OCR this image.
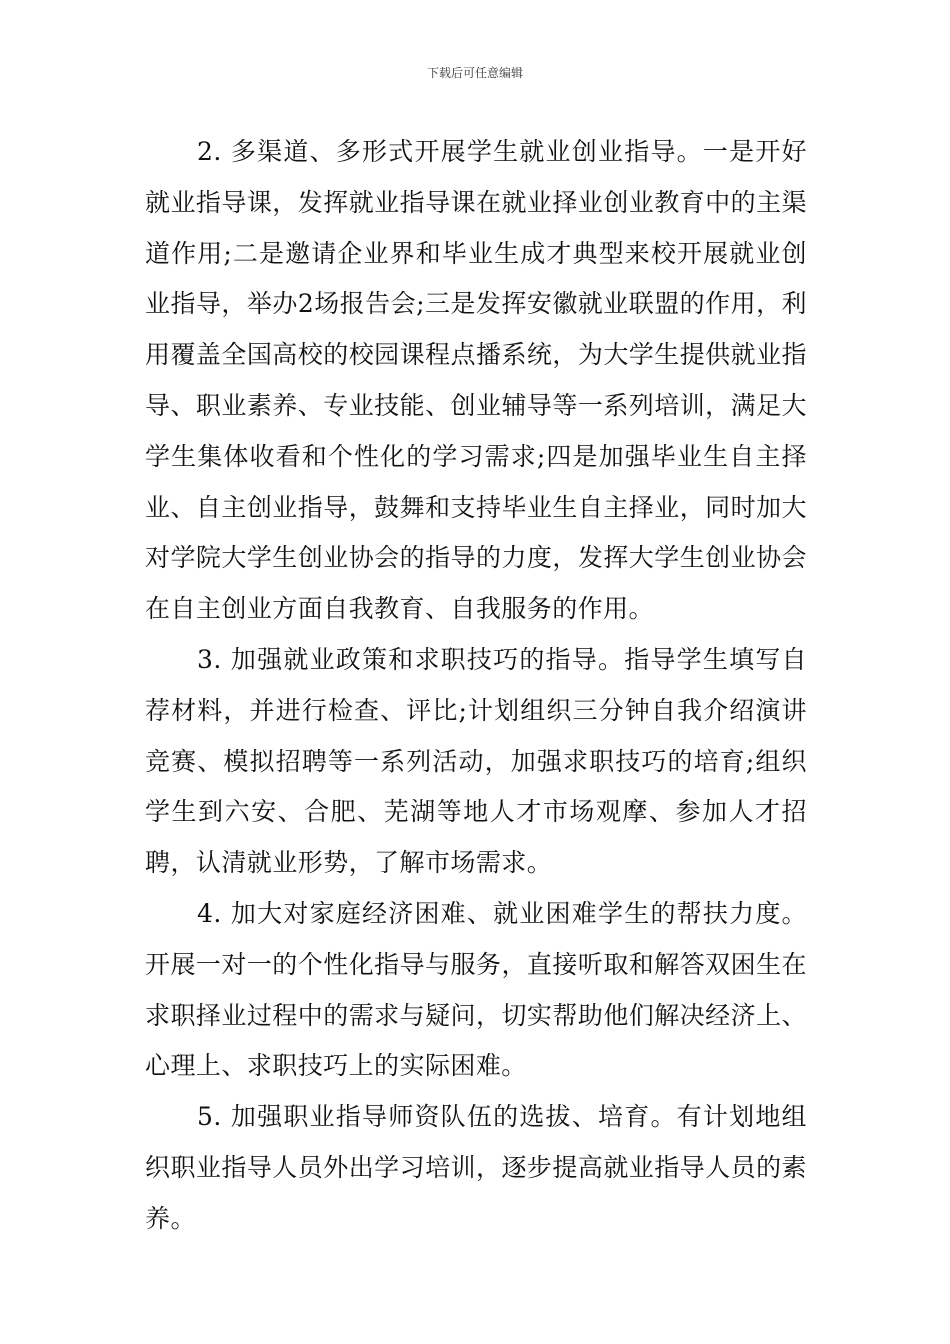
下载后可任意编辑

2. 多渠道、多形式开展学生就业创业指导。一是开好就业指导课，发挥就业指导课在就业择业创业教育中的主渠道作用;二是邀请企业界和毕业生成才典型来校开展就业创业指导，举办2场报告会;三是发挥安徽就业联盟的作用，利用覆盖全国高校的校园课程点播系统，为大学生提供就业指导、职业素养、专业技能、创业辅导等一系列培训，满足大学生集体收看和个性化的学习需求;四是加强毕业生自主择业、自主创业指导，鼓舞和支持毕业生自主择业，同时加大对学院大学生创业协会的指导的力度，发挥大学生创业协会在自主创业方面自我教育、自我服务的作用。

3. 加强就业政策和求职技巧的指导。指导学生填写自荐材料，并进行检查、评比;计划组织三分钟自我介绍演讲竞赛、模拟招聘等一系列活动，加强求职技巧的培育;组织学生到六安、合肥、芜湖等地人才市场观摩、参加人才招聘，认清就业形势，了解市场需求。

4. 加大对家庭经济困难、就业困难学生的帮扶力度。开展一对一的个性化指导与服务，直接听取和解答双困生在求职择业过程中的需求与疑问，切实帮助他们解决经济上、心理上、求职技巧上的实际困难。

5. 加强职业指导师资队伍的选拔、培育。有计划地组织职业指导人员外出学习培训，逐步提高就业指导人员的素养。
